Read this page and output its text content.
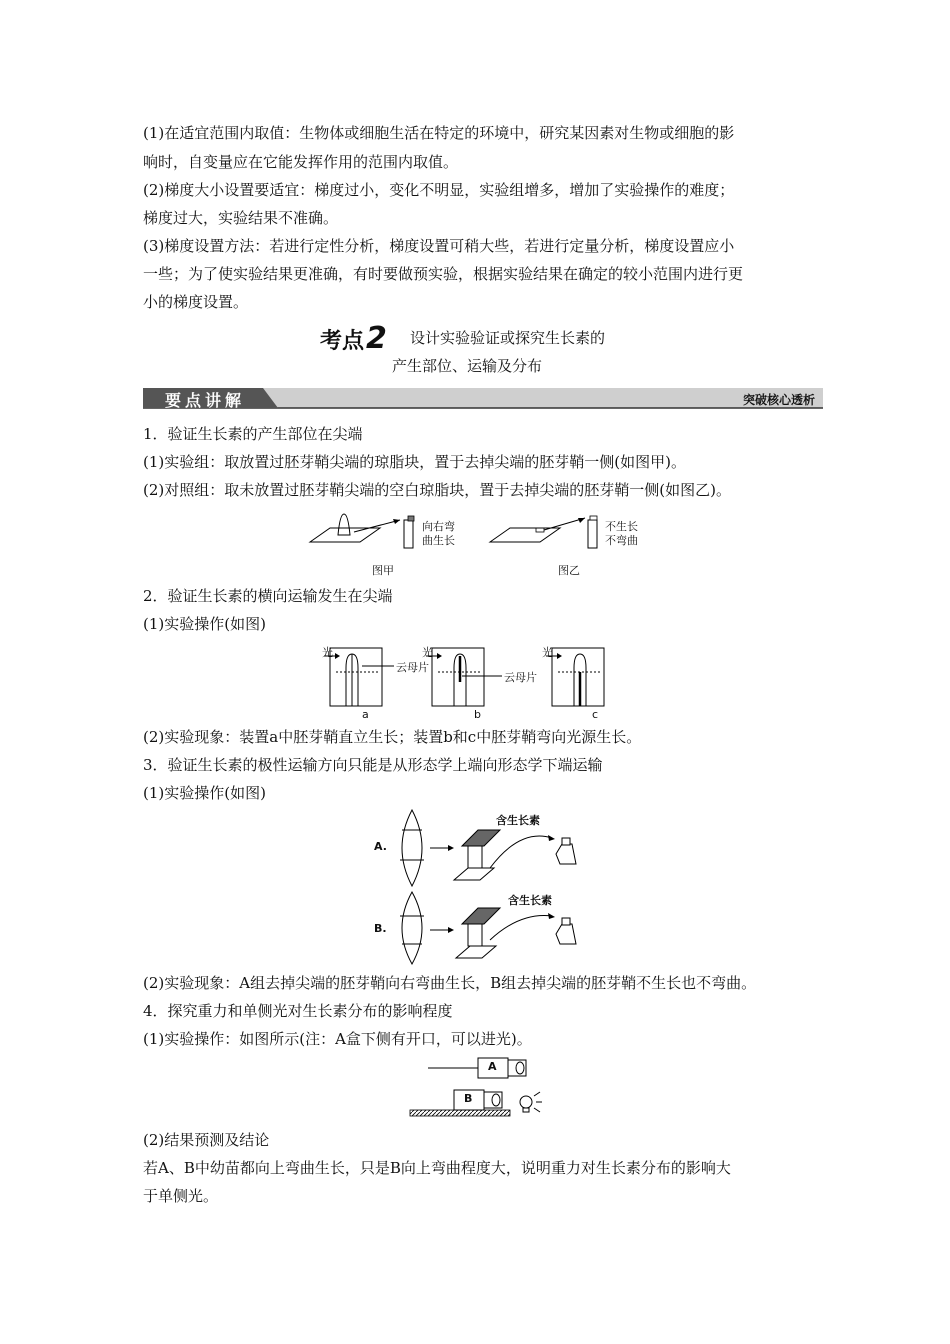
(1)在适宜范围内取值：生物体或细胞生活在特定的环境中，研究某因素对生物或细胞的影
响时，自变量应在它能发挥作用的范围内取值。
(2)梯度大小设置要适宜：梯度过小，变化不明显，实验组增多，增加了实验操作的难度；
梯度过大，实验结果不准确。
(3)梯度设置方法：若进行定性分析，梯度设置可稍大些，若进行定量分析，梯度设置应小
一些；为了使实验结果更准确，有时要做预实验，根据实验结果在确定的较小范围内进行更
小的梯度设置。
考点2 设计实验验证或探究生长素的
产生部位、运输及分布
要点讲解	突破核心透析
1．验证生长素的产生部位在尖端
(1)实验组：取放置过胚芽鞘尖端的琼脂块，置于去掉尖端的胚芽鞘一侧(如图甲)。
(2)对照组：取未放置过胚芽鞘尖端的空白琼脂块，置于去掉尖端的胚芽鞘一侧(如图乙)。
向右弯
曲生长
不生长
不弯曲
图甲	图乙
2．验证生长素的横向运输发生在尖端
(1)实验操作(如图)
光	光	光
云母片
云母片
a	b	c
(2)实验现象：装置a中胚芽鞘直立生长；装置b和c中胚芽鞘弯向光源生长。
3．验证生长素的极性运输方向只能是从形态学上端向形态学下端运输
(1)实验操作(如图)
A.
B.
含生长素
含生长素
(2)实验现象：A组去掉尖端的胚芽鞘向右弯曲生长，B组去掉尖端的胚芽鞘不生长也不弯曲。
4．探究重力和单侧光对生长素分布的影响程度
(1)实验操作：如图所示(注：A盒下侧有开口，可以进光)。
A
B
(2)结果预测及结论
若A、B中幼苗都向上弯曲生长，只是B向上弯曲程度大，说明重力对生长素分布的影响大
于单侧光。
